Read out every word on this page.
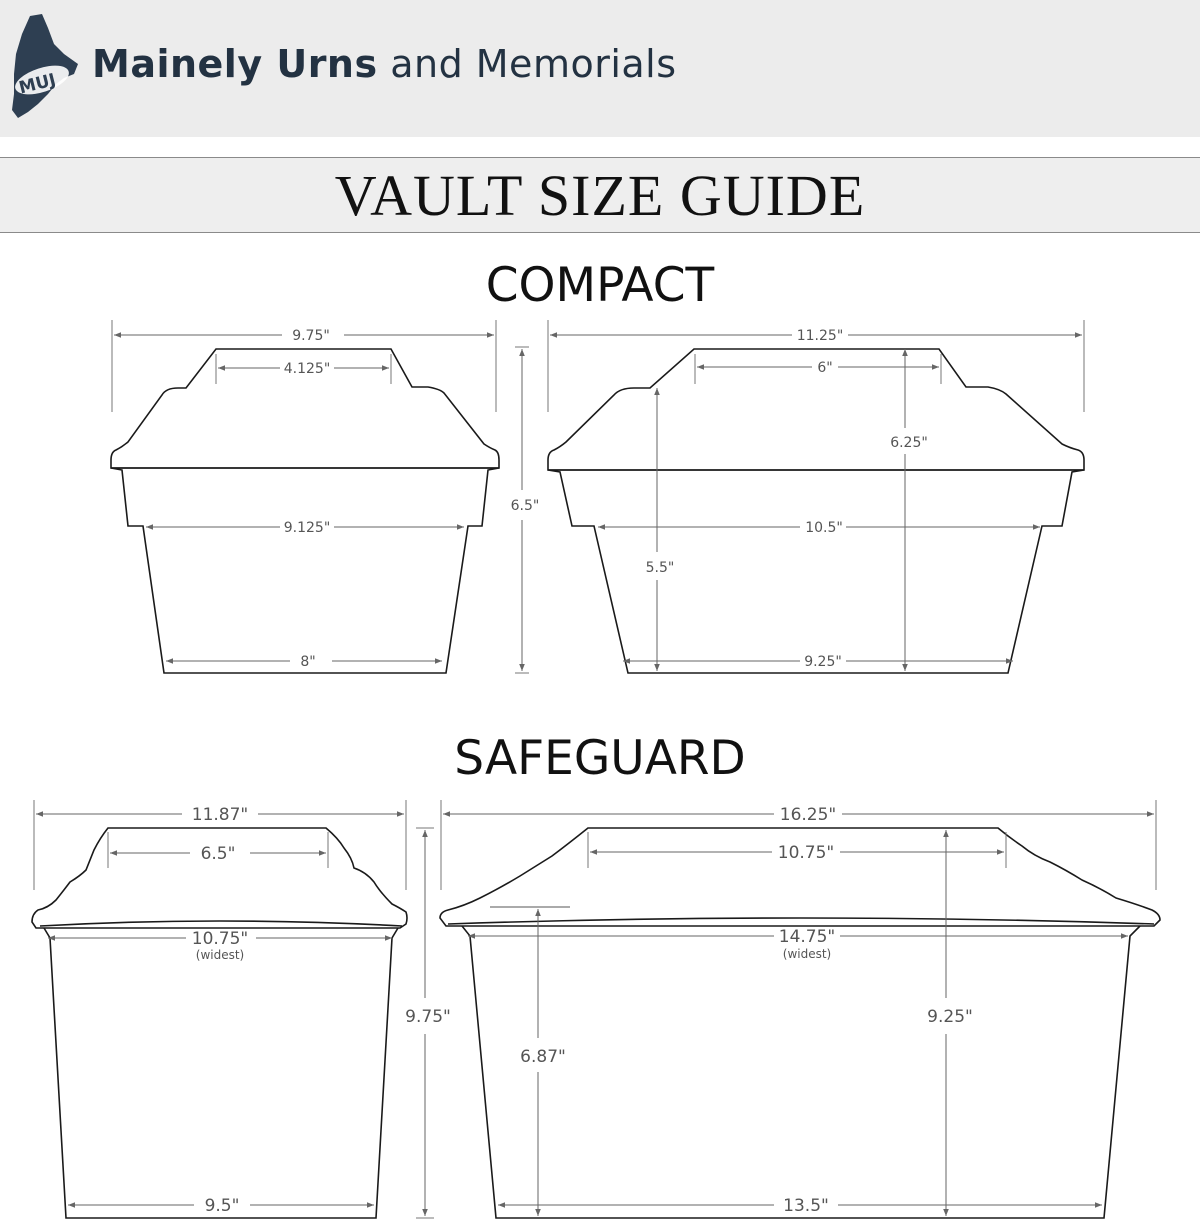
MUJ Mainely Urns and Memorials
VAULT SIZE GUIDE
COMPACT
SAFEGUARD
9.75"
4.125"
9.125"
8"
6.5"
11.25"
6"
6.25"
10.5"
5.5"
9.25"
11.87"
6.5"
10.75"
(widest)
9.5"
9.75"
16.25"
10.75"
14.75"
(widest)
6.87"
9.25"
13.5"
